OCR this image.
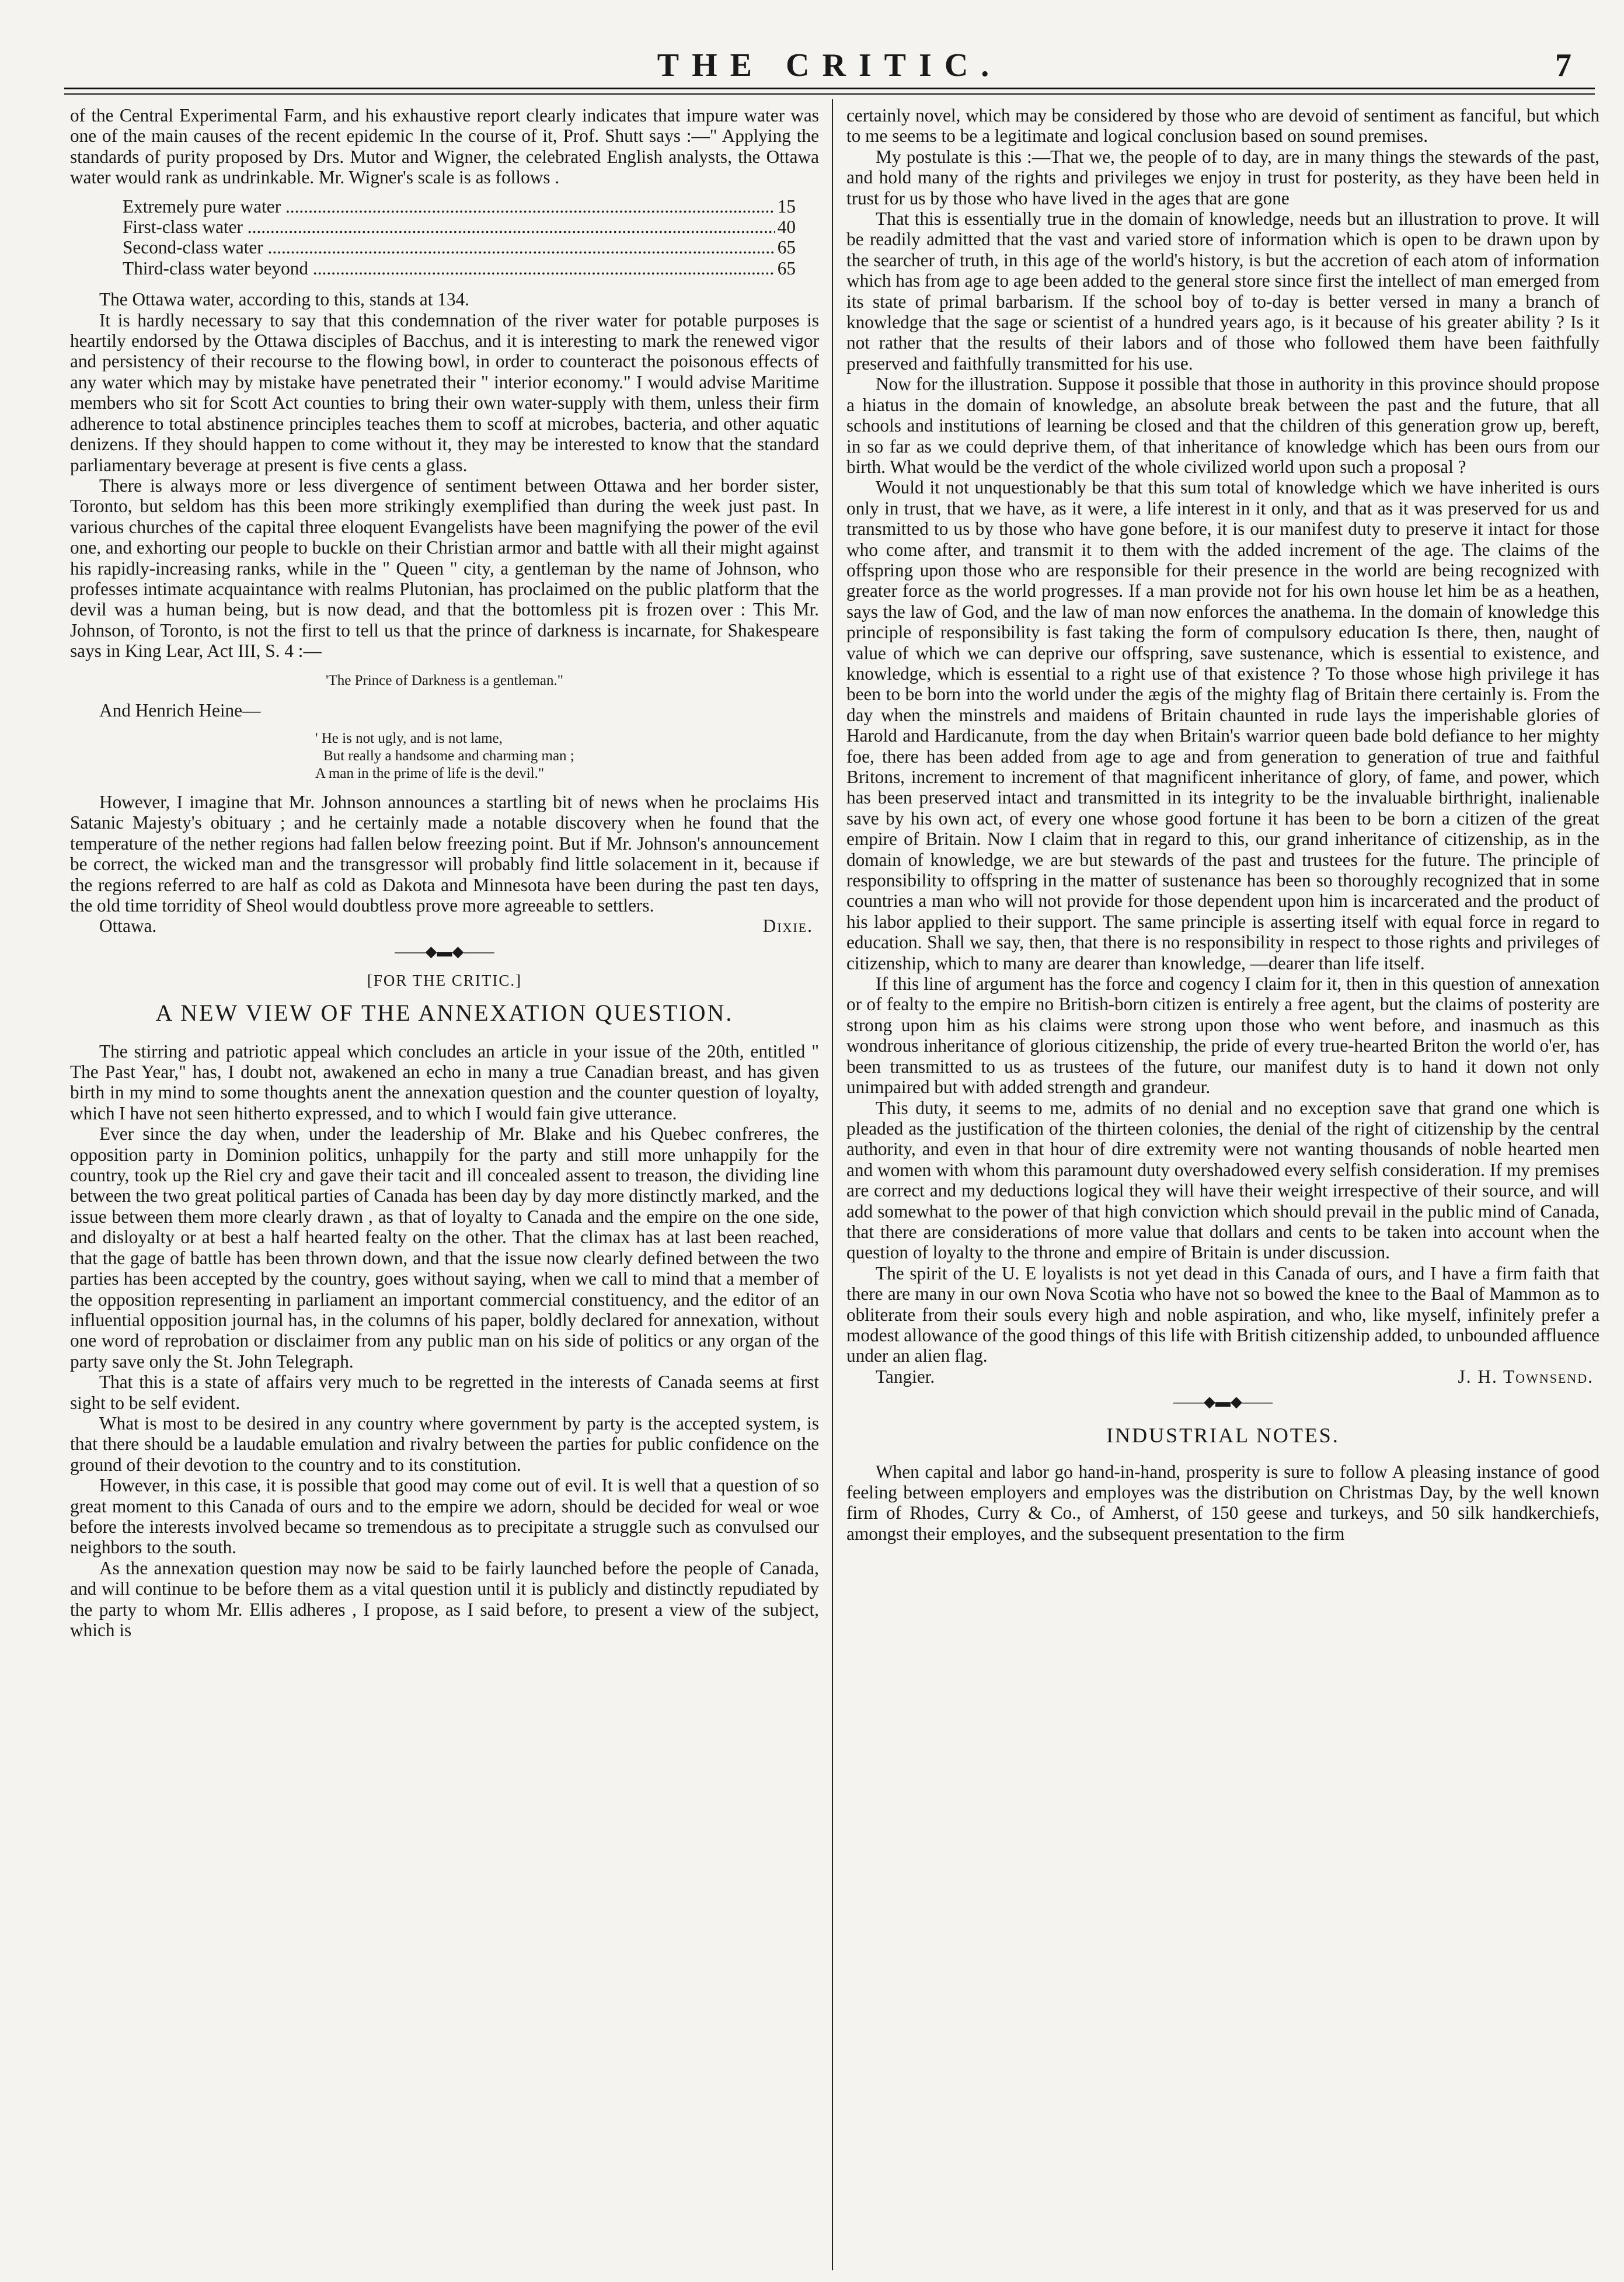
THE CRITIC.	7

of the Central Experimental Farm, and his exhaustive report clearly indicates that impure water was one of the main causes of the recent epidemic In the course of it, Prof. Shutt says :—" Applying the standards of purity proposed by Drs. Mutor and Wigner, the celebrated English analysts, the Ottawa water would rank as undrinkable. Mr. Wigner's scale is as follows .

Extremely pure water .....	15
First-class water .....	40
Second-class water .....	65
Third-class water beyond .....	65

The Ottawa water, according to this, stands at 134.

It is hardly necessary to say that this condemnation of the river water for potable purposes is heartily endorsed by the Ottawa disciples of Bacchus, and it is interesting to mark the renewed vigor and persistency of their recourse to the flowing bowl, in order to counteract the poisonous effects of any water which may by mistake have penetrated their " interior economy." I would advise Maritime members who sit for Scott Act counties to bring their own water-supply with them, unless their firm adherence to total abstinence principles teaches them to scoff at microbes, bacteria, and other aquatic denizens. If they should happen to come without it, they may be interested to know that the standard parliamentary beverage at present is five cents a glass.

There is always more or less divergence of sentiment between Ottawa and her border sister, Toronto, but seldom has this been more strikingly exemplified than during the week just past. In various churches of the capital three eloquent Evangelists have been magnifying the power of the evil one, and exhorting our people to buckle on their Christian armor and battle with all their might against his rapidly-increasing ranks, while in the " Queen " city, a gentleman by the name of Johnson, who professes intimate acquaintance with realms Plutonian, has proclaimed on the public platform that the devil was a human being, but is now dead, and that the bottomless pit is frozen over : This Mr. Johnson, of Toronto, is not the first to tell us that the prince of darkness is incarnate, for Shakespeare says in King Lear, Act III, S. 4 :—

'The Prince of Darkness is a gentleman."

And Henrich Heine—

' He is not ugly, and is not lame,
But really a handsome and charming man ;
A man in the prime of life is the devil."

However, I imagine that Mr. Johnson announces a startling bit of news when he proclaims His Satanic Majesty's obituary ; and he certainly made a notable discovery when he found that the temperature of the nether regions had fallen below freezing point. But if Mr. Johnson's announcement be correct, the wicked man and the transgressor will probably find little solacement in it, because if the regions referred to are half as cold as Dakota and Minnesota have been during the past ten days, the old time torridity of Sheol would doubtless prove more agreeable to settlers.

Ottawa.	Dixie.
——◆▬◆——
[FOR THE CRITIC.]
A NEW VIEW OF THE ANNEXATION QUESTION.

The stirring and patriotic appeal which concludes an article in your issue of the 20th, entitled " The Past Year," has, I doubt not, awakened an echo in many a true Canadian breast, and has given birth in my mind to some thoughts anent the annexation question and the counter question of loyalty, which I have not seen hitherto expressed, and to which I would fain give utterance.

Ever since the day when, under the leadership of Mr. Blake and his Quebec confreres, the opposition party in Dominion politics, unhappily for the party and still more unhappily for the country, took up the Riel cry and gave their tacit and ill concealed assent to treason, the dividing line between the two great political parties of Canada has been day by day more distinctly marked, and the issue between them more clearly drawn , as that of loyalty to Canada and the empire on the one side, and disloyalty or at best a half hearted fealty on the other. That the climax has at last been reached, that the gage of battle has been thrown down, and that the issue now clearly defined between the two parties has been accepted by the country, goes without saying, when we call to mind that a member of the opposition representing in parliament an important commercial constituency, and the editor of an influential opposition journal has, in the columns of his paper, boldly declared for annexation, without one word of reprobation or disclaimer from any public man on his side of politics or any organ of the party save only the St. John Telegraph.

That this is a state of affairs very much to be regretted in the interests of Canada seems at first sight to be self evident.

What is most to be desired in any country where government by party is the accepted system, is that there should be a laudable emulation and rivalry between the parties for public confidence on the ground of their devotion to the country and to its constitution.

However, in this case, it is possible that good may come out of evil. It is well that a question of so great moment to this Canada of ours and to the empire we adorn, should be decided for weal or woe before the interests involved became so tremendous as to precipitate a struggle such as convulsed our neighbors to the south.

As the annexation question may now be said to be fairly launched before the people of Canada, and will continue to be before them as a vital question until it is publicly and distinctly repudiated by the party to whom Mr. Ellis adheres , I propose, as I said before, to present a view of the subject, which is

certainly novel, which may be considered by those who are devoid of sentiment as fanciful, but which to me seems to be a legitimate and logical conclusion based on sound premises.

My postulate is this :—That we, the people of to day, are in many things the stewards of the past, and hold many of the rights and privileges we enjoy in trust for posterity, as they have been held in trust for us by those who have lived in the ages that are gone

That this is essentially true in the domain of knowledge, needs but an illustration to prove. It will be readily admitted that the vast and varied store of information which is open to be drawn upon by the searcher of truth, in this age of the world's history, is but the accretion of each atom of information which has from age to age been added to the general store since first the intellect of man emerged from its state of primal barbarism. If the school boy of to-day is better versed in many a branch of knowledge that the sage or scientist of a hundred years ago, is it because of his greater ability ? Is it not rather that the results of their labors and of those who followed them have been faithfully preserved and faithfully transmitted for his use.

Now for the illustration. Suppose it possible that those in authority in this province should propose a hiatus in the domain of knowledge, an absolute break between the past and the future, that all schools and institutions of learning be closed and that the children of this generation grow up, bereft, in so far as we could deprive them, of that inheritance of knowledge which has been ours from our birth. What would be the verdict of the whole civilized world upon such a proposal ?

Would it not unquestionably be that this sum total of knowledge which we have inherited is ours only in trust, that we have, as it were, a life interest in it only, and that as it was preserved for us and transmitted to us by those who have gone before, it is our manifest duty to preserve it intact for those who come after, and transmit it to them with the added increment of the age. The claims of the offspring upon those who are responsible for their presence in the world are being recognized with greater force as the world progresses. If a man provide not for his own house let him be as a heathen, says the law of God, and the law of man now enforces the anathema. In the domain of knowledge this principle of responsibility is fast taking the form of compulsory education Is there, then, naught of value of which we can deprive our offspring, save sustenance, which is essential to existence, and knowledge, which is essential to a right use of that existence ? To those whose high privilege it has been to be born into the world under the ægis of the mighty flag of Britain there certainly is. From the day when the minstrels and maidens of Britain chaunted in rude lays the imperishable glories of Harold and Hardicanute, from the day when Britain's warrior queen bade bold defiance to her mighty foe, there has been added from age to age and from generation to generation of true and faithful Britons, increment to increment of that magnificent inheritance of glory, of fame, and power, which has been preserved intact and transmitted in its integrity to be the invaluable birthright, inalienable save by his own act, of every one whose good fortune it has been to be born a citizen of the great empire of Britain. Now I claim that in regard to this, our grand inheritance of citizenship, as in the domain of knowledge, we are but stewards of the past and trustees for the future. The principle of responsibility to offspring in the matter of sustenance has been so thoroughly recognized that in some countries a man who will not provide for those dependent upon him is incarcerated and the product of his labor applied to their support. The same principle is asserting itself with equal force in regard to education. Shall we say, then, that there is no responsibility in respect to those rights and privileges of citizenship, which to many are dearer than knowledge, —dearer than life itself.

If this line of argument has the force and cogency I claim for it, then in this question of annexation or of fealty to the empire no British-born citizen is entirely a free agent, but the claims of posterity are strong upon him as his claims were strong upon those who went before, and inasmuch as this wondrous inheritance of glorious citizenship, the pride of every true-hearted Briton the world o'er, has been transmitted to us as trustees of the future, our manifest duty is to hand it down not only unimpaired but with added strength and grandeur.

This duty, it seems to me, admits of no denial and no exception save that grand one which is pleaded as the justification of the thirteen colonies, the denial of the right of citizenship by the central authority, and even in that hour of dire extremity were not wanting thousands of noble hearted men and women with whom this paramount duty overshadowed every selfish consideration. If my premises are correct and my deductions logical they will have their weight irrespective of their source, and will add somewhat to the power of that high conviction which should prevail in the public mind of Canada, that there are considerations of more value that dollars and cents to be taken into account when the question of loyalty to the throne and empire of Britain is under discussion.

The spirit of the U. E loyalists is not yet dead in this Canada of ours, and I have a firm faith that there are many in our own Nova Scotia who have not so bowed the knee to the Baal of Mammon as to obliterate from their souls every high and noble aspiration, and who, like myself, infinitely prefer a modest allowance of the good things of this life with British citizenship added, to unbounded affluence under an alien flag.

Tangier.	J. H. Townsend.
——◆▬◆——
INDUSTRIAL NOTES.

When capital and labor go hand-in-hand, prosperity is sure to follow A pleasing instance of good feeling between employers and employes was the distribution on Christmas Day, by the well known firm of Rhodes, Curry & Co., of Amherst, of 150 geese and turkeys, and 50 silk handkerchiefs, amongst their employes, and the subsequent presentation to the firm
